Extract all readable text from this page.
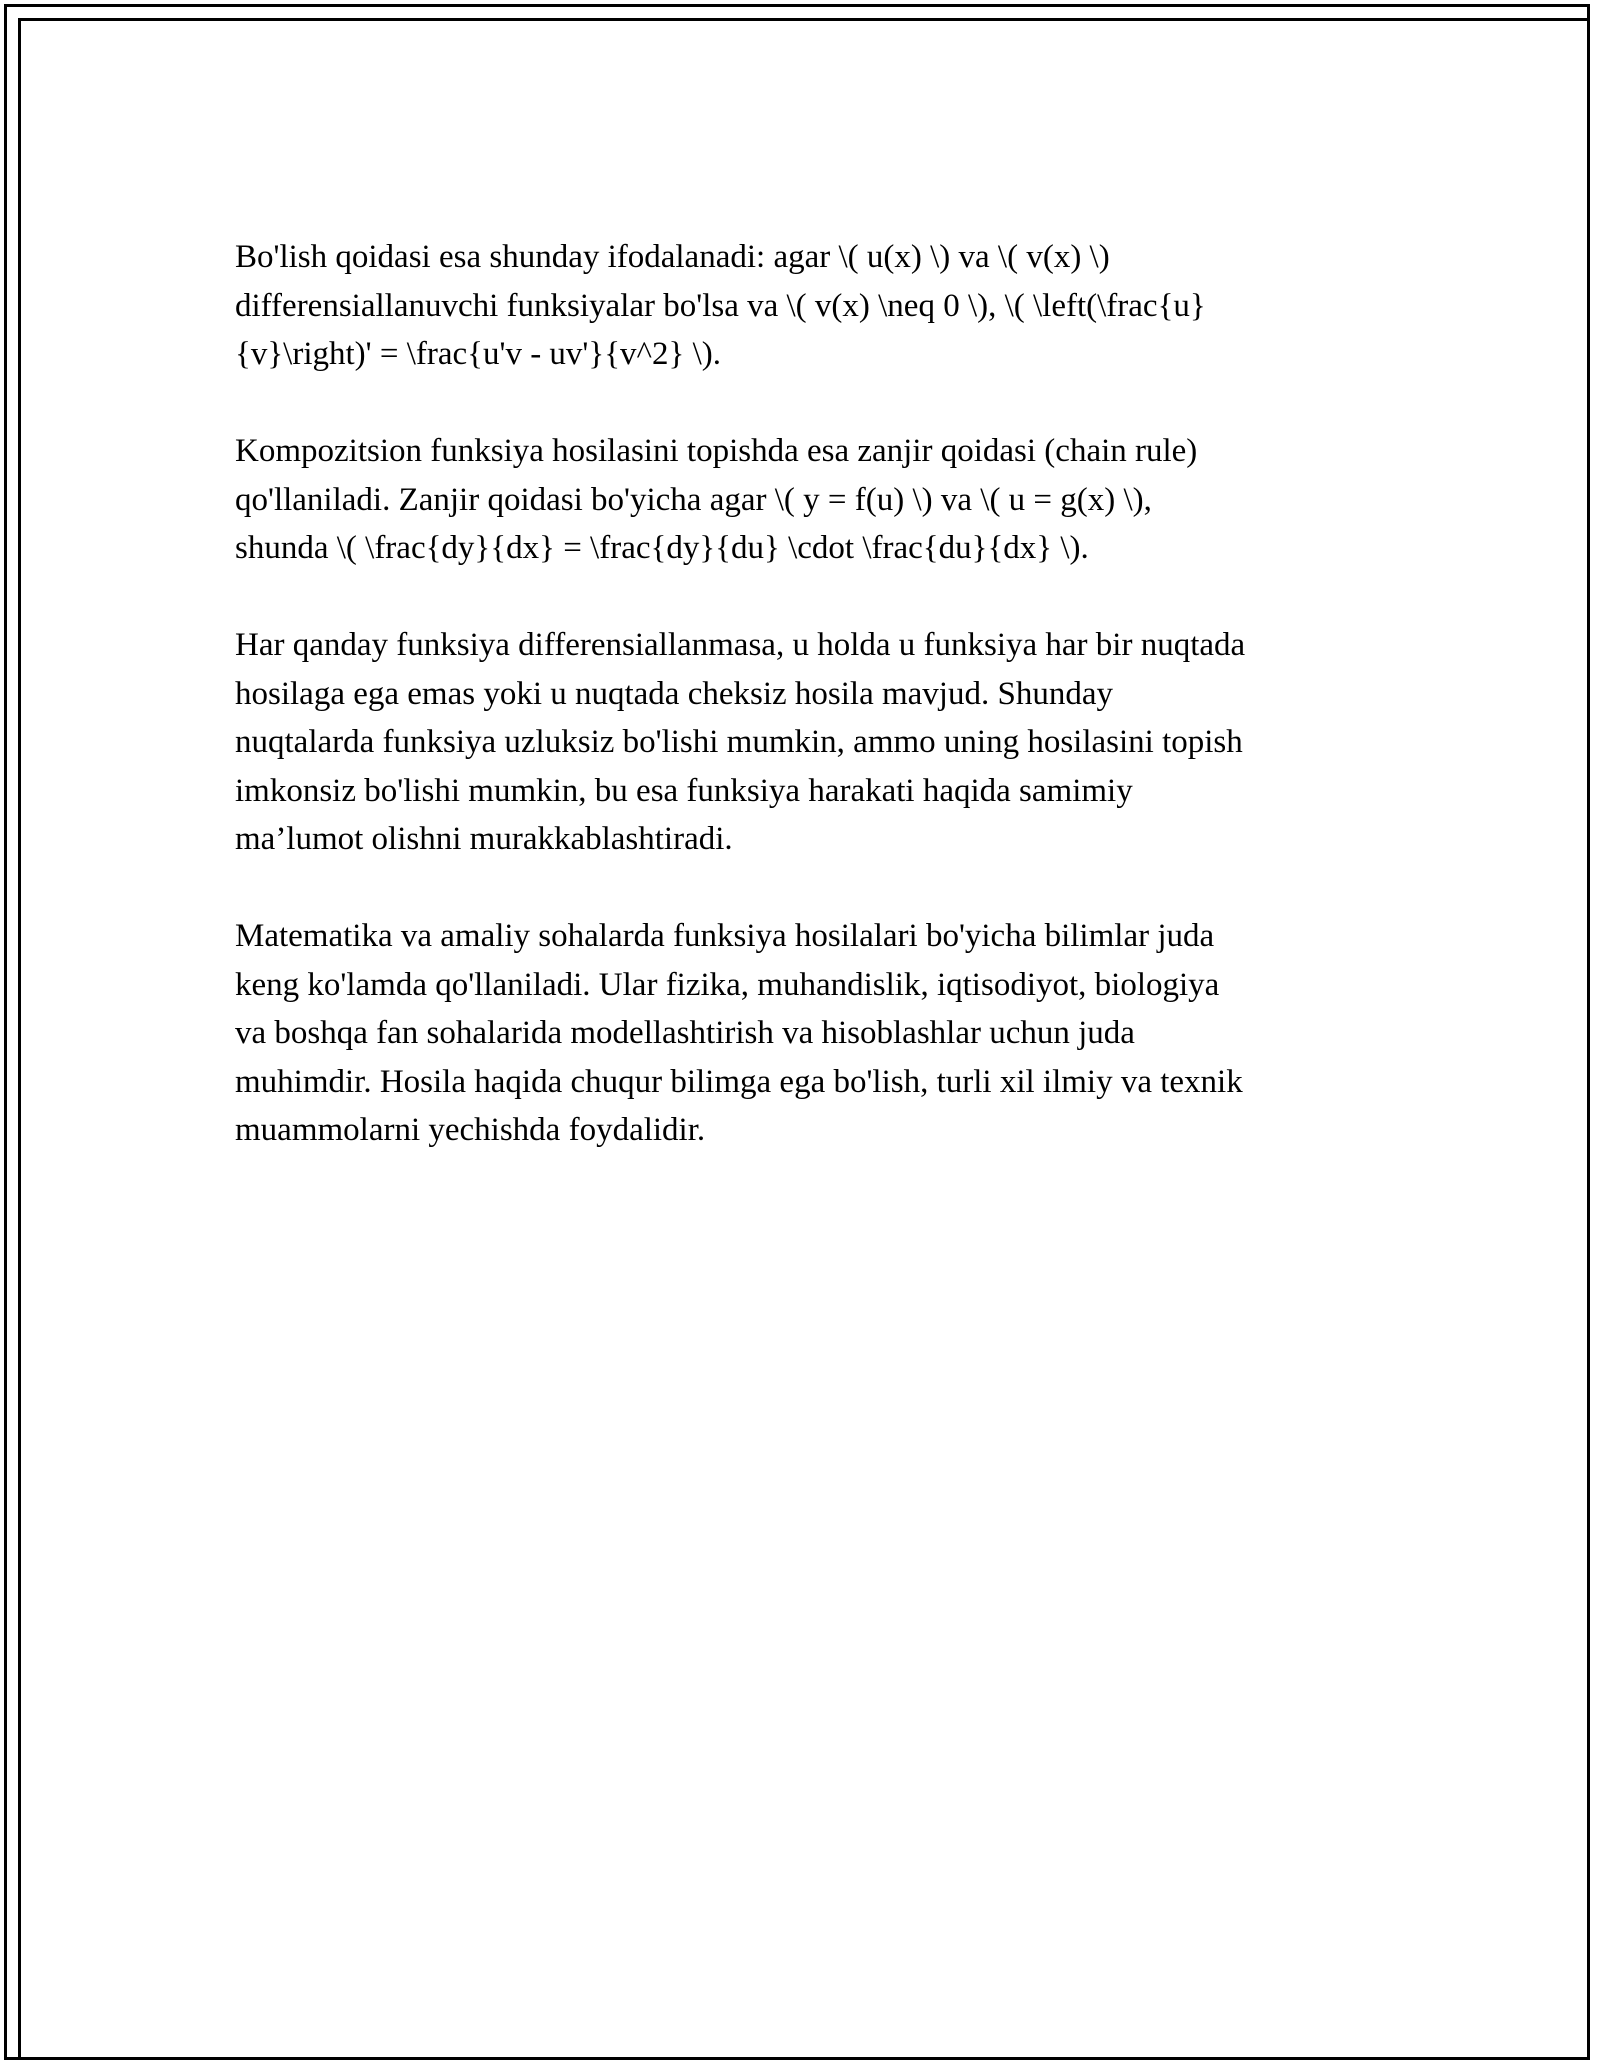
Bo'lish qoidasi esa shunday ifodalanadi: agar \( u(x) \) va \( v(x) \)
differensiallanuvchi funksiyalar bo'lsa va \( v(x) \neq 0 \), \( \left(\frac{u}
{v}\right)' = \frac{u'v - uv'}{v^2} \).

Kompozitsion funksiya hosilasini topishda esa zanjir qoidasi (chain rule)
qo'llaniladi. Zanjir qoidasi bo'yicha agar \( y = f(u) \) va \( u = g(x) \),
shunda \( \frac{dy}{dx} = \frac{dy}{du} \cdot \frac{du}{dx} \).

Har qanday funksiya differensiallanmasa, u holda u funksiya har bir nuqtada
hosilaga ega emas yoki u nuqtada cheksiz hosila mavjud. Shunday
nuqtalarda funksiya uzluksiz bo'lishi mumkin, ammo uning hosilasini topish
imkonsiz bo'lishi mumkin, bu esa funksiya harakati haqida samimiy
ma’lumot olishni murakkablashtiradi.

Matematika va amaliy sohalarda funksiya hosilalari bo'yicha bilimlar juda
keng ko'lamda qo'llaniladi. Ular fizika, muhandislik, iqtisodiyot, biologiya
va boshqa fan sohalarida modellashtirish va hisoblashlar uchun juda
muhimdir. Hosila haqida chuqur bilimga ega bo'lish, turli xil ilmiy va texnik
muammolarni yechishda foydalidir.
